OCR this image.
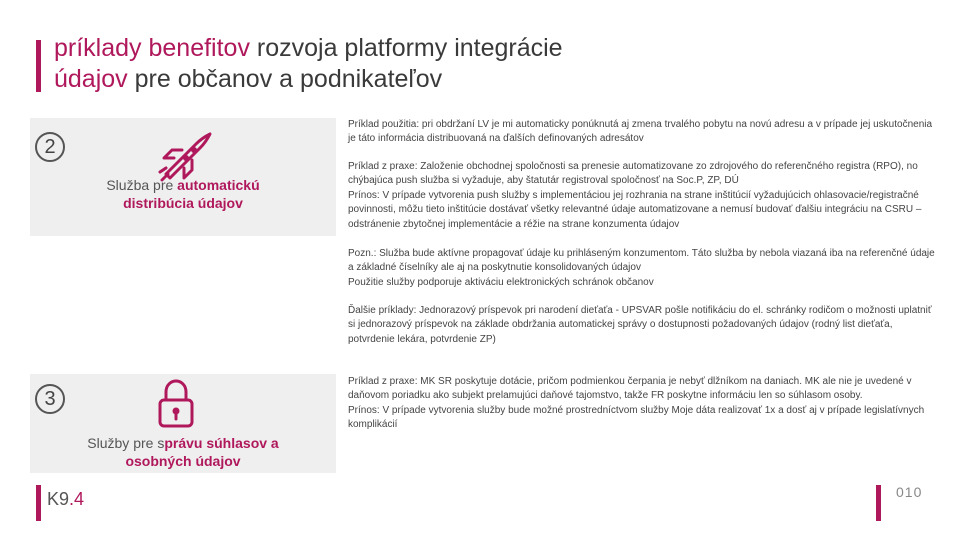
príklady benefitov rozvoja platformy integrácie
údajov pre občanov a podnikateľov
2
Služba pre automatickú
distribúcia údajov
3
Služby pre správu súhlasov a
osobných údajov

Príklad použitia: pri obdržaní LV je mi automaticky ponúknutá aj zmena trvalého pobytu na novú adresu a v prípade jej uskutočnenia je táto informácia distribuovaná na ďalších definovaných adresátov

Príklad z praxe: Založenie obchodnej spoločnosti sa prenesie automatizovane zo zdrojového do referenčného registra (RPO), no chýbajúca push služba si vyžaduje, aby štatutár registroval spoločnosť na Soc.P, ZP, DÚ

Prínos: V prípade vytvorenia push služby s implementáciou jej rozhrania na strane inštitúcií vyžadujúcich ohlasovacie/registračné povinnosti, môžu tieto inštitúcie dostávať všetky relevantné údaje automatizovane a nemusí budovať ďalšiu integráciu na CSRU – odstránenie zbytočnej implementácie a réžie na strane konzumenta údajov

Pozn.: Služba bude aktívne propagovať údaje ku prihláseným konzumentom. Táto služba by nebola viazaná iba na referenčné údaje a základné číselníky ale aj na poskytnutie konsolidovaných údajov

Použitie služby podporuje aktiváciu elektronických schránok občanov

Ďalšie príklady: Jednorazový príspevok pri narodení dieťaťa - UPSVAR pošle notifikáciu do el. schránky rodičom o možnosti uplatniť si jednorazový príspevok na základe obdržania automatickej správy o dostupnosti požadovaných údajov (rodný list dieťaťa, potvrdenie lekára, potvrdenie ZP)

Príklad z praxe: MK SR poskytuje dotácie, pričom podmienkou čerpania je nebyť dlžníkom na daniach. MK ale nie je uvedené v daňovom poriadku ako subjekt prelamujúci daňové tajomstvo, takže FR poskytne informáciu len so súhlasom osoby.

Prínos: V prípade vytvorenia služby bude možné prostredníctvom služby Moje dáta realizovať 1x a dosť aj v prípade legislatívnych komplikácií

K9.4	010
